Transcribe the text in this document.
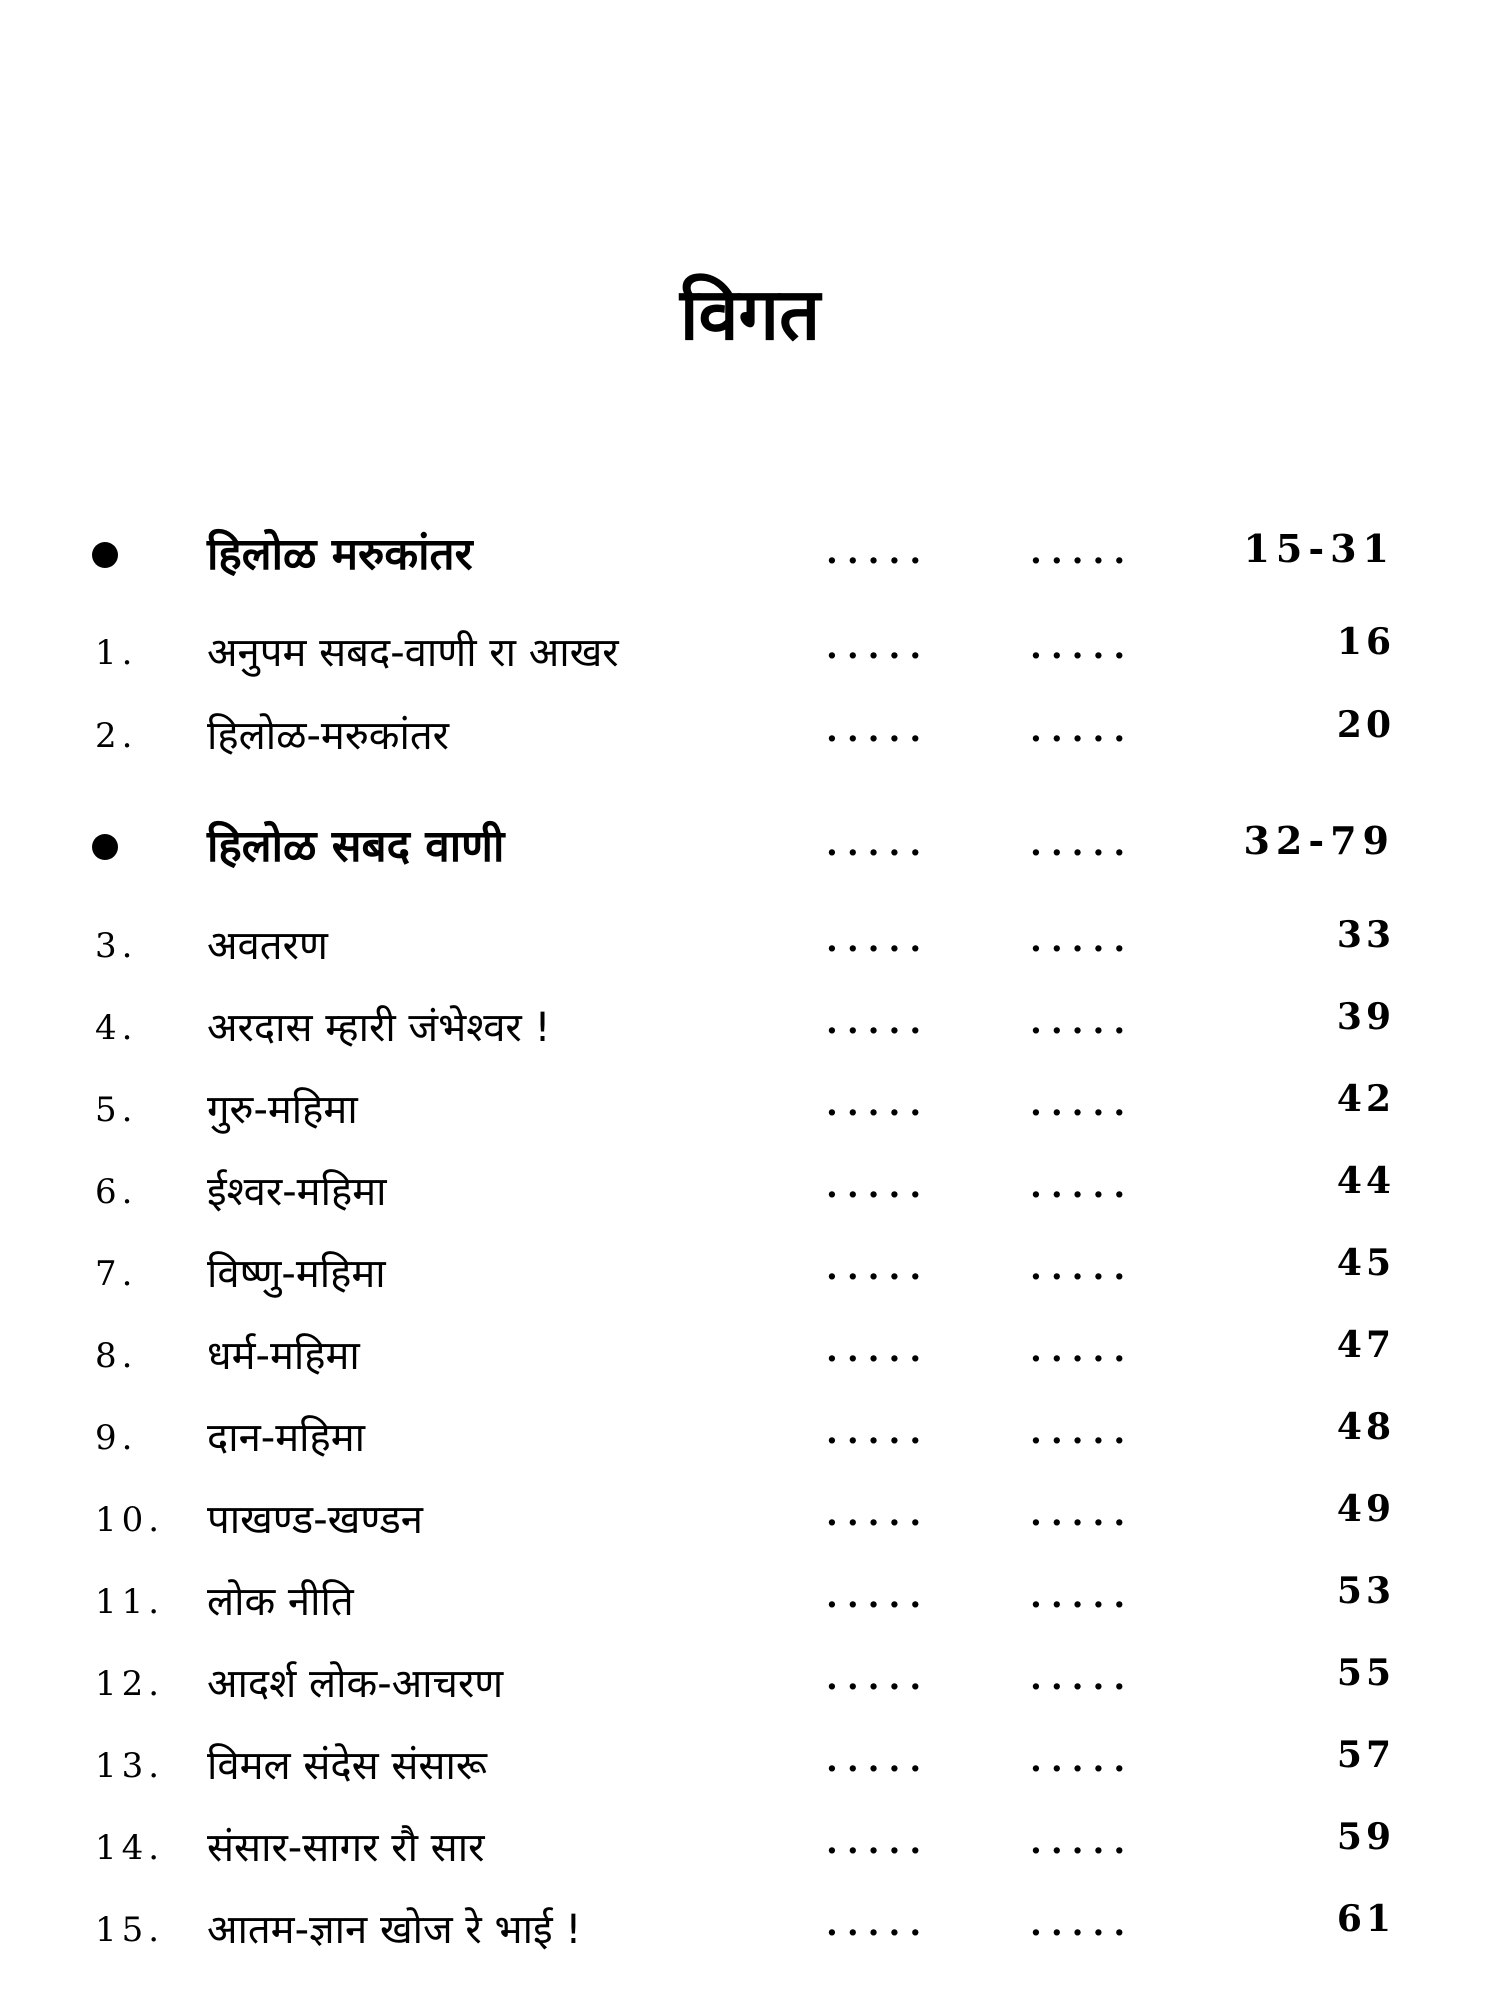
विगत
हिलोळ मरुकांतर	.....	.....	15-31
1. अनुपम सबद-वाणी रा आखर	.....	.....	16
2. हिलोळ-मरुकांतर	.....	.....	20
हिलोळ सबद वाणी	.....	.....	32-79
3. अवतरण	.....	.....	33
4. अरदास म्हारी जंभेश्वर !	.....	.....	39
5. गुरु-महिमा	.....	.....	42
6. ईश्वर-महिमा	.....	.....	44
7. विष्णु-महिमा	.....	.....	45
8. धर्म-महिमा	.....	.....	47
9. दान-महिमा	.....	.....	48
10. पाखण्ड-खण्डन	.....	.....	49
11. लोक नीति	.....	.....	53
12. आदर्श लोक-आचरण	.....	.....	55
13. विमल संदेस संसारू	.....	.....	57
14. संसार-सागर रौ सार	.....	.....	59
15. आतम-ज्ञान खोज रे भाई !	.....	.....	61
